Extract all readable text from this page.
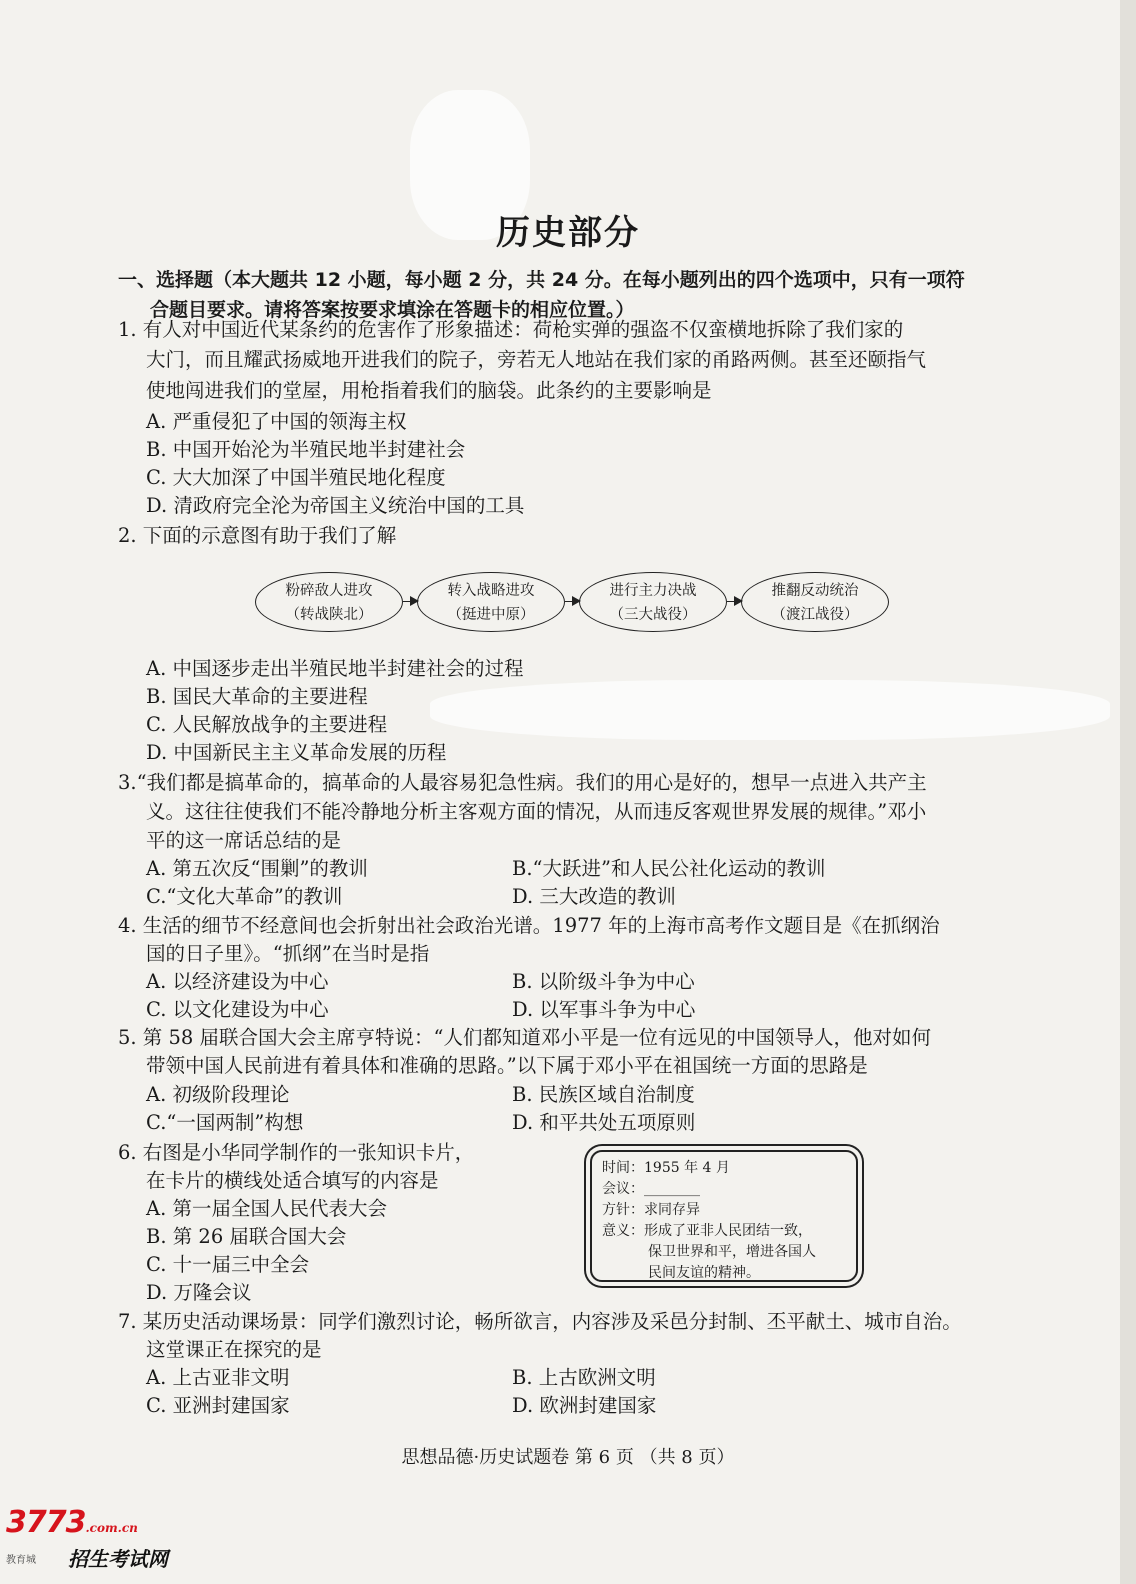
历史部分
一、选择题（本大题共 12 小题，每小题 2 分，共 24 分。在每小题列出的四个选项中，只有一项符
合题目要求。请将答案按要求填涂在答题卡的相应位置。）
1. 有人对中国近代某条约的危害作了形象描述：荷枪实弹的强盗不仅蛮横地拆除了我们家的
大门，而且耀武扬威地开进我们的院子，旁若无人地站在我们家的甬路两侧。甚至还颐指气
使地闯进我们的堂屋，用枪指着我们的脑袋。此条约的主要影响是
A. 严重侵犯了中国的领海主权
B. 中国开始沦为半殖民地半封建社会
C. 大大加深了中国半殖民地化程度
D. 清政府完全沦为帝国主义统治中国的工具
2. 下面的示意图有助于我们了解
粉碎敌人进攻
（转战陕北）
转入战略进攻
（挺进中原）
进行主力决战
（三大战役）
推翻反动统治
（渡江战役）
A. 中国逐步走出半殖民地半封建社会的过程
B. 国民大革命的主要进程
C. 人民解放战争的主要进程
D. 中国新民主主义革命发展的历程
3.“我们都是搞革命的，搞革命的人最容易犯急性病。我们的用心是好的，想早一点进入共产主
义。这往往使我们不能冷静地分析主客观方面的情况，从而违反客观世界发展的规律。”邓小
平的这一席话总结的是
A. 第五次反“围剿”的教训	B.“大跃进”和人民公社化运动的教训
C.“文化大革命”的教训	D. 三大改造的教训
4. 生活的细节不经意间也会折射出社会政治光谱。1977 年的上海市高考作文题目是《在抓纲治
国的日子里》。“抓纲”在当时是指
A. 以经济建设为中心	B. 以阶级斗争为中心
C. 以文化建设为中心	D. 以军事斗争为中心
5. 第 58 届联合国大会主席亨特说：“人们都知道邓小平是一位有远见的中国领导人，他对如何
带领中国人民前进有着具体和准确的思路。”以下属于邓小平在祖国统一方面的思路是
A. 初级阶段理论	B. 民族区域自治制度
C.“一国两制”构想	D. 和平共处五项原则
6. 右图是小华同学制作的一张知识卡片，
在卡片的横线处适合填写的内容是
A. 第一届全国人民代表大会
B. 第 26 届联合国大会
C. 十一届三中全会
D. 万隆会议
时间：1955 年 4 月
会议：________
方针：求同存异
意义：形成了亚非人民团结一致，
保卫世界和平，增进各国人
民间友谊的精神。
7. 某历史活动课场景：同学们激烈讨论，畅所欲言，内容涉及采邑分封制、丕平献土、城市自治。
这堂课正在探究的是
A. 上古亚非文明	B. 上古欧洲文明
C. 亚洲封建国家	D. 欧洲封建国家
思想品德·历史试题卷 第 6 页 （共 8 页）
3773.com.cn
教育城 招生考试网
